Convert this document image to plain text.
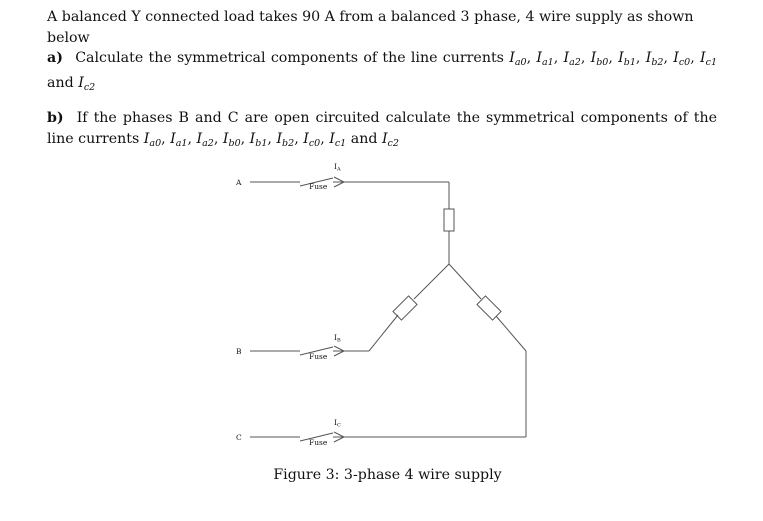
A balanced Y connected load takes 90 A from a balanced 3 phase, 4 wire supply as shown below
a) Calculate the symmetrical components of the line currents $I_{a0}$, $I_{a1}$, $I_{a2}$, $I_{b0}$, $I_{b1}$, $I_{b2}$, $I_{c0}$, $I_{c1}$ and $I_{c2}$
b) If the phases B and C are open circuited calculate the symmetrical components of the line currents $I_{a0}$, $I_{a1}$, $I_{a2}$, $I_{b0}$, $I_{b1}$, $I_{b2}$, $I_{c0}$, $I_{c1}$ and $I_{c2}$
A
B
C
Fuse
Fuse
Fuse
$I_A$
$I_B$
$I_C$
Figure 3: 3-phase 4 wire supply
